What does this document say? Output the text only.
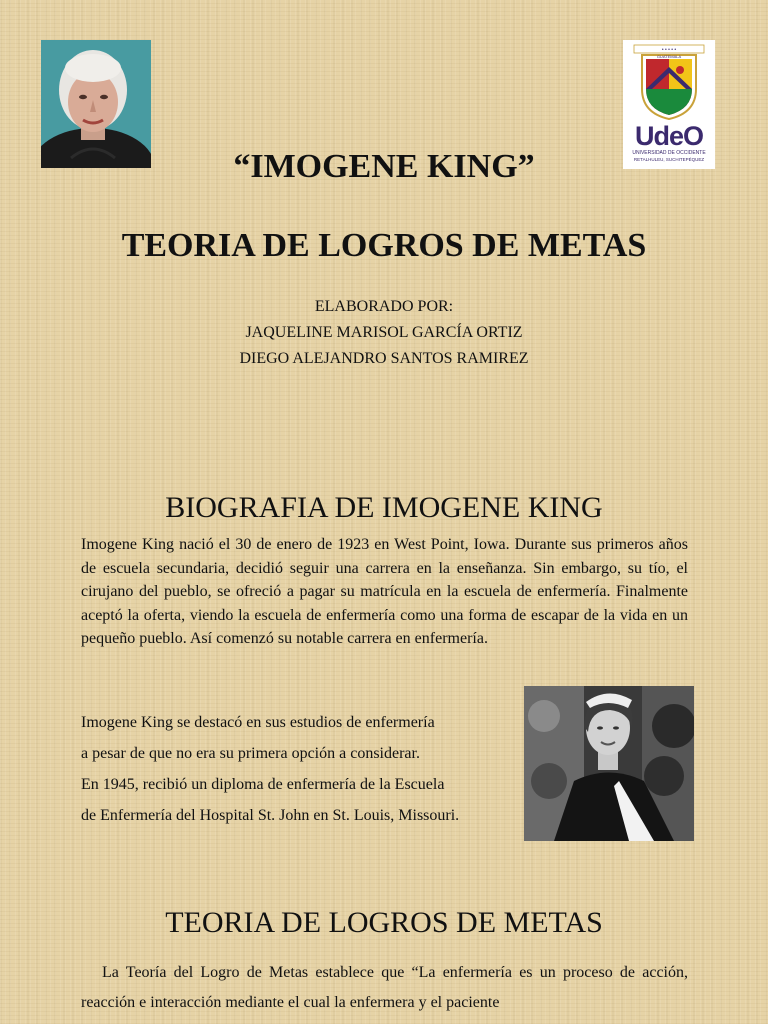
• • • • •
GUATEMALA
UdeO
UNIVERSIDAD DE OCCIDENTE
RETALHULEU, SUCHITEPÉQUEZ
“IMOGENE KING”
TEORIA DE LOGROS DE METAS
ELABORADO POR:
JAQUELINE MARISOL GARCÍA ORTIZ
DIEGO ALEJANDRO SANTOS RAMIREZ
BIOGRAFIA DE IMOGENE KING

Imogene King nació el 30 de enero de 1923 en West Point, Iowa. Durante sus primeros años de escuela secundaria, decidió seguir una carrera en la enseñanza. Sin embargo, su tío, el cirujano del pueblo, se ofreció a pagar su matrícula en la escuela de enfermería. Finalmente aceptó la oferta, viendo la escuela de enfermería como una forma de escapar de la vida en un pequeño pueblo. Así comenzó su notable carrera en enfermería.

Imogene King se destacó en sus estudios de enfermería
a pesar de que no era su primera opción a considerar.
En 1945, recibió un diploma de enfermería de la Escuela
de Enfermería del Hospital St. John en St. Louis, Missouri.
TEORIA DE LOGROS DE METAS

La Teoría del Logro de Metas establece que “La enfermería es un proceso de acción, reacción e interacción mediante el cual la enfermera y el paciente
